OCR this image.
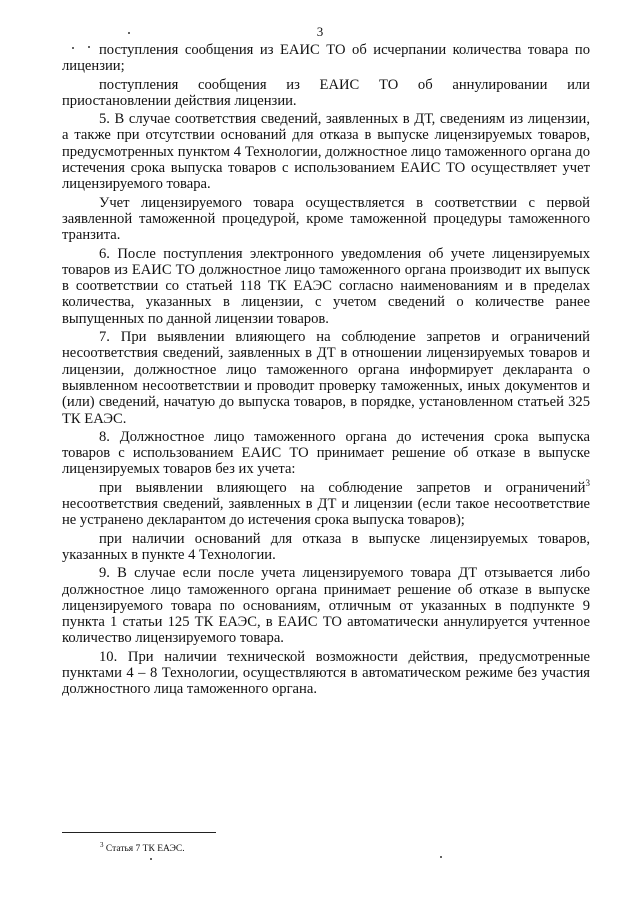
3

поступления сообщения из ЕАИС ТО об исчерпании количества товара по лицензии;

поступления сообщения из ЕАИС ТО об аннулировании или приостановлении действия лицензии.

5. В случае соответствия сведений, заявленных в ДТ, сведениям из лицензии, а также при отсутствии оснований для отказа в выпуске лицензируемых товаров, предусмотренных пунктом 4 Технологии, должностное лицо таможенного органа до истечения срока выпуска товаров с использованием ЕАИС ТО осуществляет учет лицензируемого товара.

Учет лицензируемого товара осуществляется в соответствии с первой заявленной таможенной процедурой, кроме таможенной процедуры таможенного транзита.

6. После поступления электронного уведомления об учете лицензируемых товаров из ЕАИС ТО должностное лицо таможенного органа производит их выпуск в соответствии со статьей 118 ТК ЕАЭС согласно наименованиям и в пределах количества, указанных в лицензии, с учетом сведений о количестве ранее выпущенных по данной лицензии товаров.

7. При выявлении влияющего на соблюдение запретов и ограничений несоответствия сведений, заявленных в ДТ в отношении лицензируемых товаров и лицензии, должностное лицо таможенного органа информирует декларанта о выявленном несоответствии и проводит проверку таможенных, иных документов и (или) сведений, начатую до выпуска товаров, в порядке, установленном статьей 325 ТК ЕАЭС.

8. Должностное лицо таможенного органа до истечения срока выпуска товаров с использованием ЕАИС ТО принимает решение об отказе в выпуске лицензируемых товаров без их учета:

при выявлении влияющего на соблюдение запретов и ограничений$^3$ несоответствия сведений, заявленных в ДТ и лицензии (если такое несоответствие не устранено декларантом до истечения срока выпуска товаров);

при наличии оснований для отказа в выпуске лицензируемых товаров, указанных в пункте 4 Технологии.

9. В случае если после учета лицензируемого товара ДТ отзывается либо должностное лицо таможенного органа принимает решение об отказе в выпуске лицензируемого товара по основаниям, отличным от указанных в подпункте 9 пункта 1 статьи 125 ТК ЕАЭС, в ЕАИС ТО автоматически аннулируется учтенное количество лицензируемого товара.

10. При наличии технической возможности действия, предусмотренные пунктами 4 – 8 Технологии, осуществляются в автоматическом режиме без участия должностного лица таможенного органа.

$^3$ Статья 7 ТК ЕАЭС.
